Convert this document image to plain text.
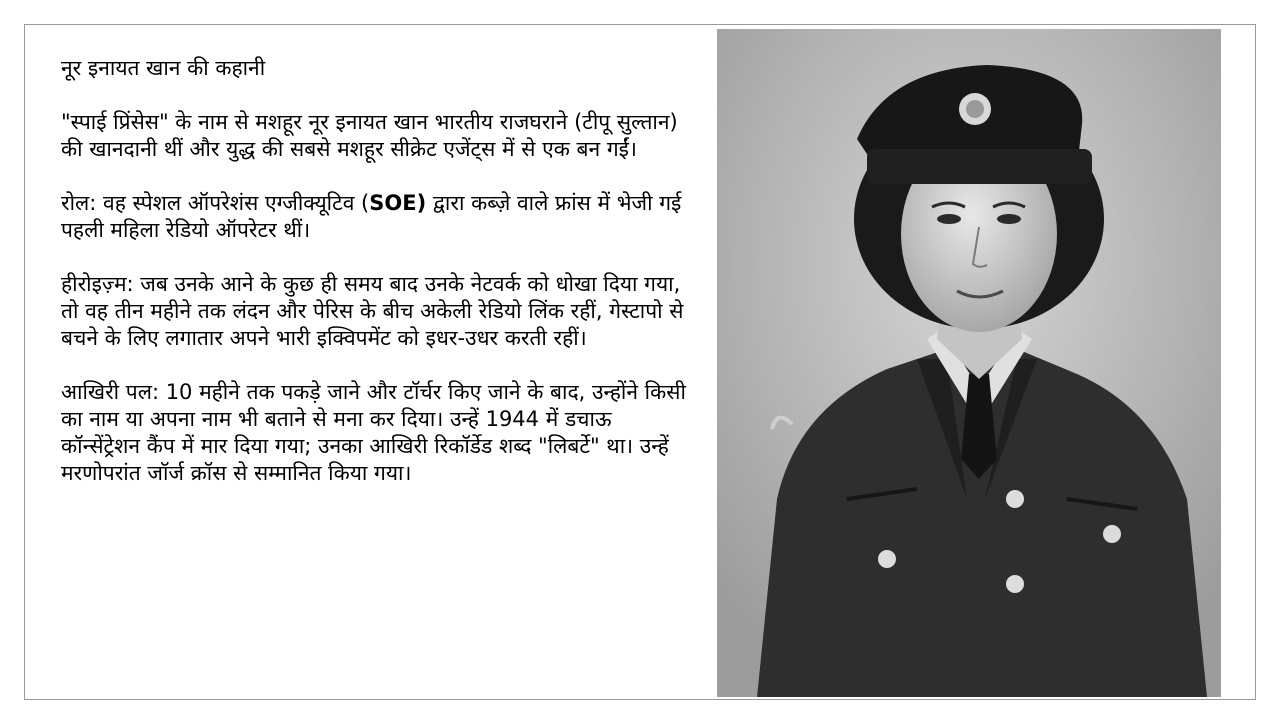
नूर इनायत खान की कहानी
"स्पाई प्रिंसेस" के नाम से मशहूर नूर इनायत खान भारतीय राजघराने (टीपू सुल्तान) की खानदानी थीं और युद्ध की सबसे मशहूर सीक्रेट एजेंट्स में से एक बन गईं।
रोल: वह स्पेशल ऑपरेशंस एग्जीक्यूटिव (SOE) द्वारा कब्ज़े वाले फ्रांस में भेजी गई पहली महिला रेडियो ऑपरेटर थीं।
हीरोइज़्म: जब उनके आने के कुछ ही समय बाद उनके नेटवर्क को धोखा दिया गया, तो वह तीन महीने तक लंदन और पेरिस के बीच अकेली रेडियो लिंक रहीं, गेस्टापो से बचने के लिए लगातार अपने भारी इक्विपमेंट को इधर-उधर करती रहीं।
आखिरी पल: 10 महीने तक पकड़े जाने और टॉर्चर किए जाने के बाद, उन्होंने किसी का नाम या अपना नाम भी बताने से मना कर दिया। उन्हें 1944 में डचाऊ कॉन्सेंट्रेशन कैंप में मार दिया गया; उनका आखिरी रिकॉर्डेड शब्द "लिबर्टे" था। उन्हें मरणोपरांत जॉर्ज क्रॉस से सम्मानित किया गया।
